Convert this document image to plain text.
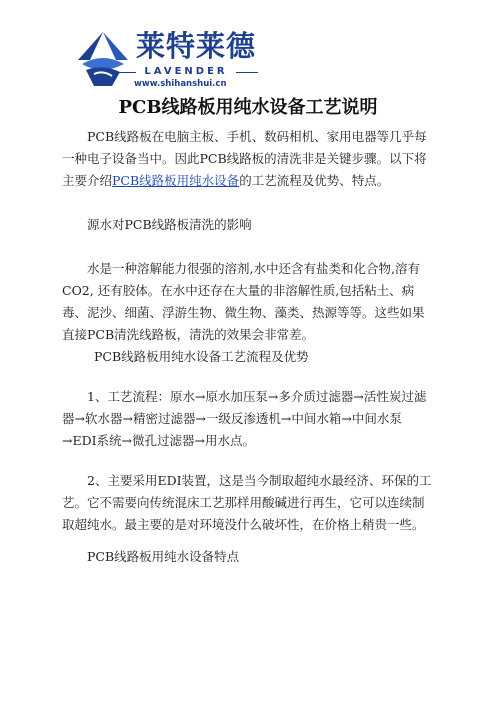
莱特莱德
LAVENDER
www.shihanshui.cn
PCB线路板用纯水设备工艺说明

PCB线路板在电脑主板、手机、数码相机、家用电器等几乎每一种电子设备当中。因此PCB线路板的清洗非是关键步骤。以下将主要介绍PCB线路板用纯水设备的工艺流程及优势、特点。

源水对PCB线路板清洗的影响

水是一种溶解能力很强的溶剂,水中还含有盐类和化合物,溶有CO2, 还有胶体。在水中还存在大量的非溶解性质,包括粘土、病毒、泥沙、细菌、浮游生物、微生物、藻类、热源等等。这些如果直接PCB清洗线路板，清洗的效果会非常差。

PCB线路板用纯水设备工艺流程及优势

1、工艺流程：原水→原水加压泵→多介质过滤器→活性炭过滤器→软水器→精密过滤器→一级反渗透机→中间水箱→中间水泵

→EDI系统→微孔过滤器→用水点。

2、主要采用EDI装置，这是当今制取超纯水最经济、环保的工艺。它不需要向传统混床工艺那样用酸碱进行再生，它可以连续制取超纯水。最主要的是对环境没什么破坏性，在价格上稍贵一些。

PCB线路板用纯水设备特点
